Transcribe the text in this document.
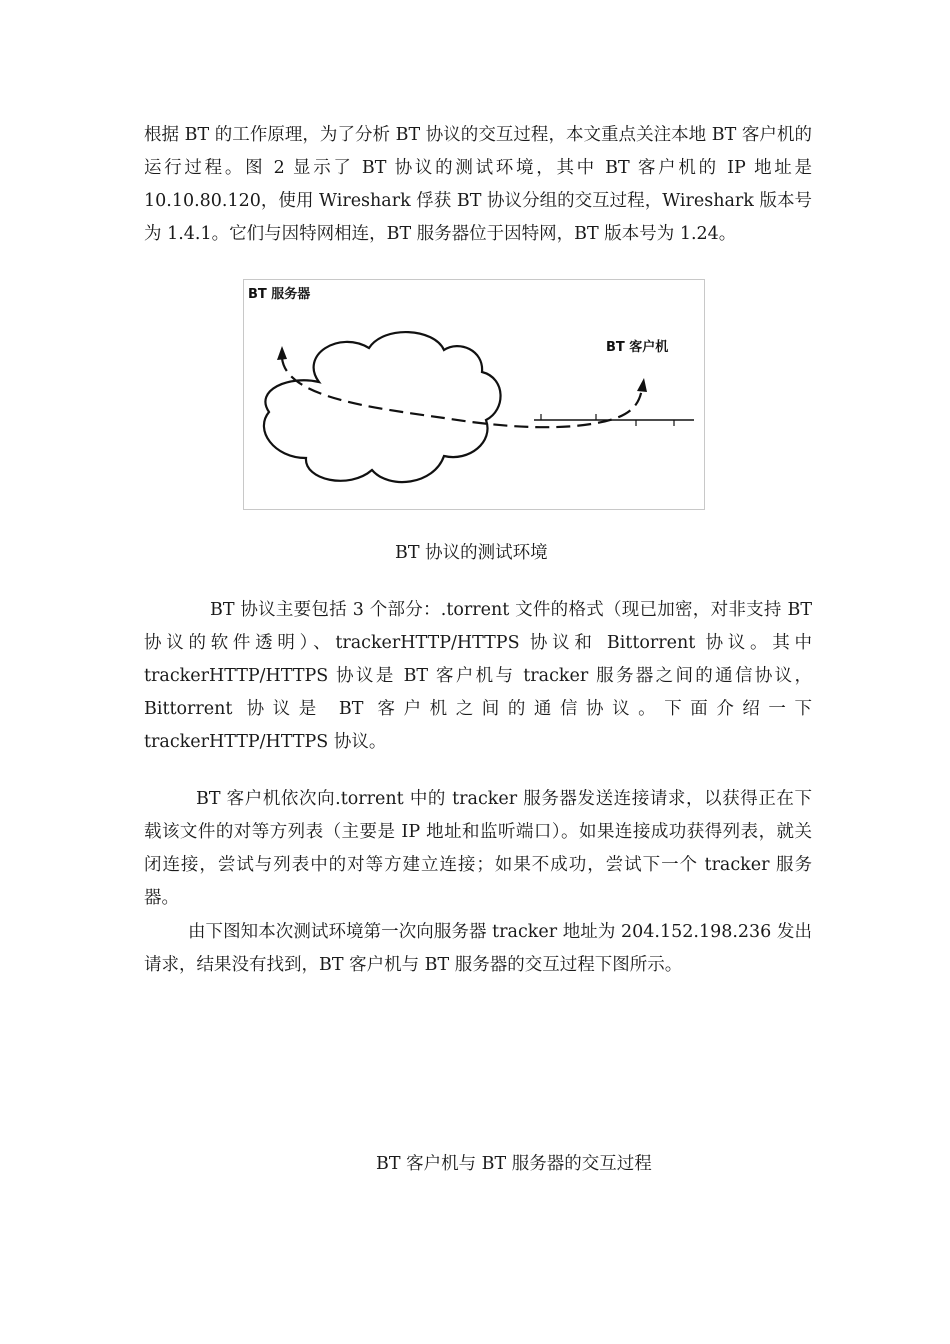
根据 BT 的工作原理，为了分析 BT 协议的交互过程，本文重点关注本地 BT 客户机的运行过程。图 2 显示了 BT 协议的测试环境，其中 BT 客户机的 IP 地址是 10.10.80.120，使用 Wireshark 俘获 BT 协议分组的交互过程，Wireshark 版本号为 1.4.1。它们与因特网相连，BT 服务器位于因特网，BT 版本号为 1.24。

BT 服务器
BT 客户机

BT 协议的测试环境

BT 协议主要包括 3 个部分：.torrent 文件的格式（现已加密，对非支持 BT 协议的软件透明）、trackerHTTP/HTTPS 协议和 Bittorrent 协议。其中 trackerHTTP/HTTPS 协议是 BT 客户机与 tracker 服务器之间的通信协议，Bittorrent 协议是 BT 客户机之间的通信协议。下面介绍一下 trackerHTTP/HTTPS 协议。

BT 客户机依次向.torrent 中的 tracker 服务器发送连接请求，以获得正在下载该文件的对等方列表（主要是 IP 地址和监听端口）。如果连接成功获得列表，就关闭连接，尝试与列表中的对等方建立连接；如果不成功，尝试下一个 tracker 服务器。

由下图知本次测试环境第一次向服务器 tracker 地址为 204.152.198.236 发出请求，结果没有找到，BT 客户机与 BT 服务器的交互过程下图所示。

BT 客户机与 BT 服务器的交互过程
